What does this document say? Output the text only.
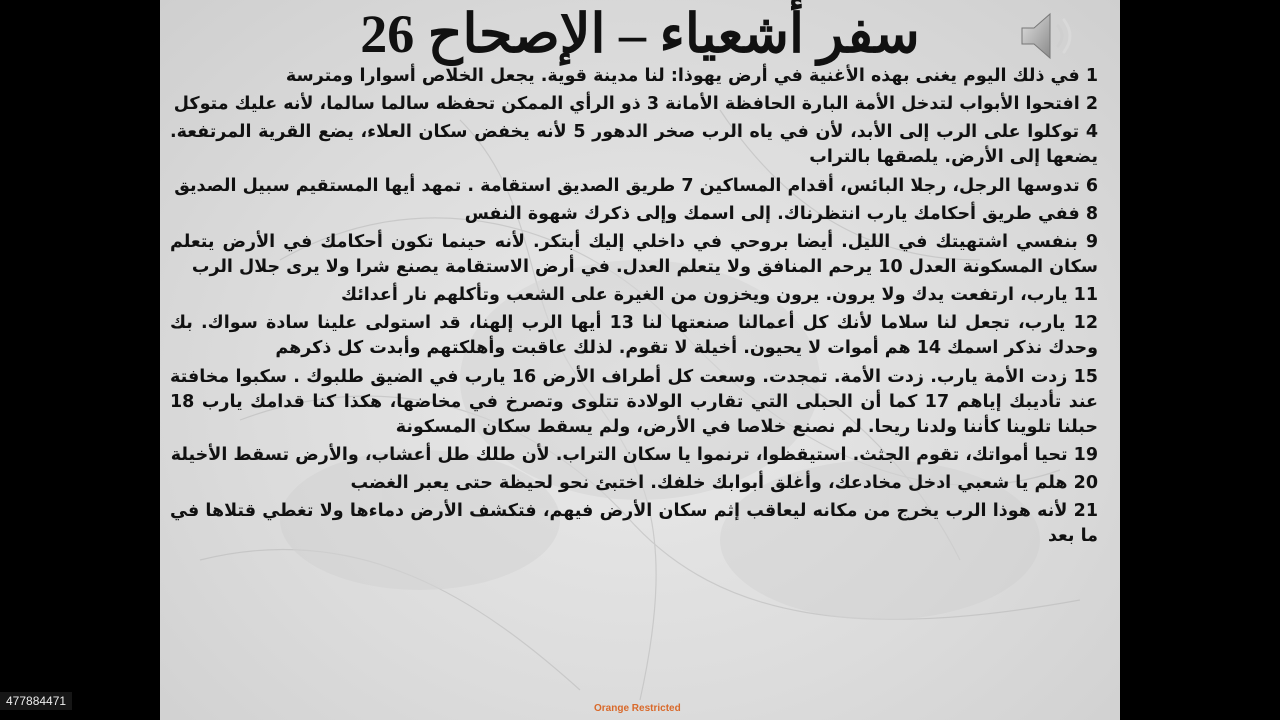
سفر أشعياء – الإصحاح 26

1 في ذلك اليوم يغنى بهذه الأغنية في أرض يهوذا: لنا مدينة قوية. يجعل الخلاص أسوارا ومترسة

2 افتحوا الأبواب لتدخل الأمة البارة الحافظة الأمانة 3 ذو الرأي الممكن تحفظه سالما سالما، لأنه عليك متوكل

4 توكلوا على الرب إلى الأبد، لأن في ياه الرب صخر الدهور 5 لأنه يخفض سكان العلاء، يضع القرية المرتفعة. يضعها إلى الأرض. يلصقها بالتراب

6 تدوسها الرجل، رجلا البائس، أقدام المساكين 7 طريق الصديق استقامة . تمهد أيها المستقيم سبيل الصديق

8 ففي طريق أحكامك يارب انتظرناك. إلى اسمك وإلى ذكرك شهوة النفس

9 بنفسي اشتهيتك في الليل. أيضا بروحي في داخلي إليك أبتكر. لأنه حينما تكون أحكامك في الأرض يتعلم سكان المسكونة العدل 10 يرحم المنافق ولا يتعلم العدل. في أرض الاستقامة يصنع شرا ولا يرى جلال الرب

11 يارب، ارتفعت يدك ولا يرون. يرون ويخزون من الغيرة على الشعب وتأكلهم نار أعدائك

12 يارب، تجعل لنا سلاما لأنك كل أعمالنا صنعتها لنا 13 أيها الرب إلهنا، قد استولى علينا سادة سواك. بك وحدك نذكر اسمك 14 هم أموات لا يحيون. أخيلة لا تقوم. لذلك عاقبت وأهلكتهم وأبدت كل ذكرهم

15 زدت الأمة يارب. زدت الأمة. تمجدت. وسعت كل أطراف الأرض 16 يارب في الضيق طلبوك . سكبوا مخافتة عند تأديبك إياهم 17 كما أن الحبلى التي تقارب الولادة تتلوى وتصرخ في مخاضها، هكذا كنا قدامك يارب 18 حبلنا تلوينا كأننا ولدنا ريحا. لم نصنع خلاصا في الأرض، ولم يسقط سكان المسكونة

19 تحيا أمواتك، تقوم الجثث. استيقظوا، ترنموا يا سكان التراب. لأن طلك طل أعشاب، والأرض تسقط الأخيلة

20 هلم يا شعبي ادخل مخادعك، وأغلق أبوابك خلفك. اختبئ نحو لحيظة حتى يعبر الغضب

21 لأنه هوذا الرب يخرج من مكانه ليعاقب إثم سكان الأرض فيهم، فتكشف الأرض دماءها ولا تغطي قتلاها في ما بعد

Orange Restricted
477884471
